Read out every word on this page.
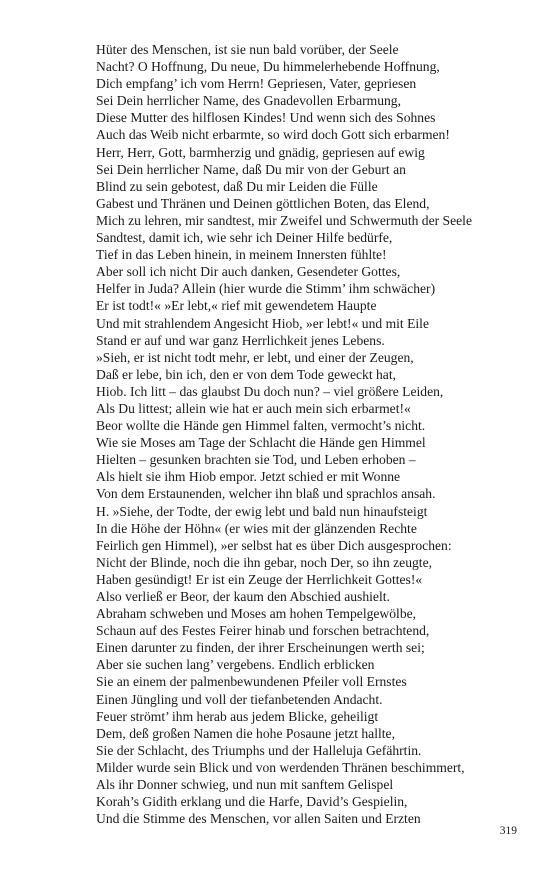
Hüter des Menschen, ist sie nun bald vorüber, der Seele
Nacht? O Hoffnung, Du neue, Du himmelerhebende Hoffnung,
Dich empfang’ ich vom Herrn! Gepriesen, Vater, gepriesen
Sei Dein herrlicher Name, des Gnadevollen Erbarmung,
Diese Mutter des hilflosen Kindes! Und wenn sich des Sohnes
Auch das Weib nicht erbarmte, so wird doch Gott sich erbarmen!
Herr, Herr, Gott, barmherzig und gnädig, gepriesen auf ewig
Sei Dein herrlicher Name, daß Du mir von der Geburt an
Blind zu sein gebotest, daß Du mir Leiden die Fülle
Gabest und Thränen und Deinen göttlichen Boten, das Elend,
Mich zu lehren, mir sandtest, mir Zweifel und Schwermuth der Seele
Sandtest, damit ich, wie sehr ich Deiner Hilfe bedürfe,
Tief in das Leben hinein, in meinem Innersten fühlte!
Aber soll ich nicht Dir auch danken, Gesendeter Gottes,
Helfer in Juda? Allein (hier wurde die Stimm’ ihm schwächer)
Er ist todt!« »Er lebt,« rief mit gewendetem Haupte
Und mit strahlendem Angesicht Hiob, »er lebt!« und mit Eile
Stand er auf und war ganz Herrlichkeit jenes Lebens.
»Sieh, er ist nicht todt mehr, er lebt, und einer der Zeugen,
Daß er lebe, bin ich, den er von dem Tode geweckt hat,
Hiob. Ich litt – das glaubst Du doch nun? – viel größere Leiden,
Als Du littest; allein wie hat er auch mein sich erbarmet!«
Beor wollte die Hände gen Himmel falten, vermocht’s nicht.
Wie sie Moses am Tage der Schlacht die Hände gen Himmel
Hielten – gesunken brachten sie Tod, und Leben erhoben –
Als hielt sie ihm Hiob empor. Jetzt schied er mit Wonne
Von dem Erstaunenden, welcher ihn blaß und sprachlos ansah.
H. »Siehe, der Todte, der ewig lebt und bald nun hinaufsteigt
In die Höhe der Höhn« (er wies mit der glänzenden Rechte
Feirlich gen Himmel), »er selbst hat es über Dich ausgesprochen:
Nicht der Blinde, noch die ihn gebar, noch Der, so ihn zeugte,
Haben gesündigt! Er ist ein Zeuge der Herrlichkeit Gottes!«
Also verließ er Beor, der kaum den Abschied aushielt.
Abraham schweben und Moses am hohen Tempelgewölbe,
Schaun auf des Festes Feirer hinab und forschen betrachtend,
Einen darunter zu finden, der ihrer Erscheinungen werth sei;
Aber sie suchen lang’ vergebens. Endlich erblicken
Sie an einem der palmenbewundenen Pfeiler voll Ernstes
Einen Jüngling und voll der tiefanbetenden Andacht.
Feuer strömt’ ihm herab aus jedem Blicke, geheiligt
Dem, deß großen Namen die hohe Posaune jetzt hallte,
Sie der Schlacht, des Triumphs und der Halleluja Gefährtin.
Milder wurde sein Blick und von werdenden Thränen beschimmert,
Als ihr Donner schwieg, und nun mit sanftem Gelispel
Korah’s Gidith erklang und die Harfe, David’s Gespielin,
Und die Stimme des Menschen, vor allen Saiten und Erzten
319
